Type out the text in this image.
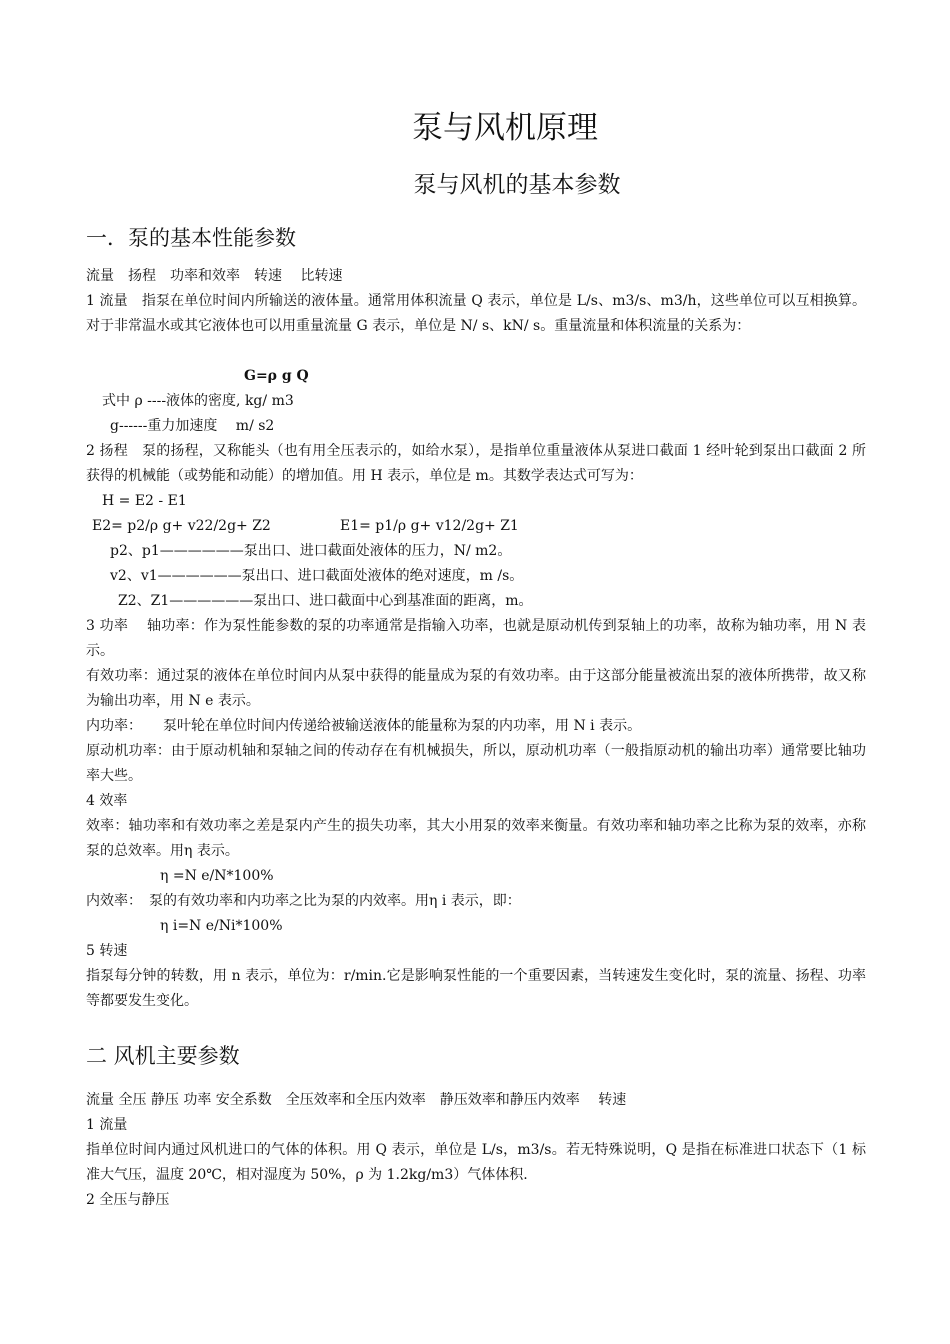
泵与风机原理
泵与风机的基本参数
一．泵的基本性能参数
流量　扬程　功率和效率　转速　 比转速
1 流量　指泵在单位时间内所输送的液体量。通常用体积流量 Q 表示，单位是 L/s、m3/s、m3/h，这些单位可以互相换算。对于非常温水或其它液体也可以用重量流量 G 表示，单位是 N/ s、kN/ s。重量流量和体积流量的关系为：
G=ρ g Q
式中 ρ ----液体的密度, kg/ m3
g------重力加速度　 m/ s2
2 扬程　泵的扬程，又称能头（也有用全压表示的，如给水泵），是指单位重量液体从泵进口截面 1 经叶轮到泵出口截面 2 所获得的机械能（或势能和动能）的增加值。用 H 表示，单位是 m。其数学表达式可写为：
H = E2 - E1
E2= p2/ρ g+ v22/2g+ Z2	E1= p1/ρ g+ v12/2g+ Z1
p2、p1——————泵出口、进口截面处液体的压力，N/ m2。
v2、v1——————泵出口、进口截面处液体的绝对速度，m /s。
Z2、Z1——————泵出口、进口截面中心到基准面的距离，m。
3 功率　 轴功率：作为泵性能参数的泵的功率通常是指输入功率，也就是原动机传到泵轴上的功率，故称为轴功率，用 N 表示。
有效功率：通过泵的液体在单位时间内从泵中获得的能量成为泵的有效功率。由于这部分能量被流出泵的液体所携带，故又称为输出功率，用 N e 表示。
内功率：　　泵叶轮在单位时间内传递给被输送液体的能量称为泵的内功率，用 N i 表示。
原动机功率：由于原动机轴和泵轴之间的传动存在有机械损失，所以，原动机功率（一般指原动机的输出功率）通常要比轴功率大些。
4 效率
效率：轴功率和有效功率之差是泵内产生的损失功率，其大小用泵的效率来衡量。有效功率和轴功率之比称为泵的效率，亦称泵的总效率。用η 表示。
η =N e/N*100%
内效率：　泵的有效功率和内功率之比为泵的内效率。用η i 表示，即：
η i=N e/Ni*100%
5 转速
指泵每分钟的转数，用 n 表示，单位为：r/min.它是影响泵性能的一个重要因素，当转速发生变化时，泵的流量、扬程、功率等都要发生变化。
二 风机主要参数
流量 全压 静压 功率 安全系数　全压效率和全压内效率　静压效率和静压内效率　 转速
1 流量
指单位时间内通过风机进口的气体的体积。用 Q 表示，单位是 L/s，m3/s。若无特殊说明，Q 是指在标准进口状态下（1 标准大气压，温度 20℃，相对湿度为 50%，ρ 为 1.2kg/m3）气体体积.
2 全压与静压
